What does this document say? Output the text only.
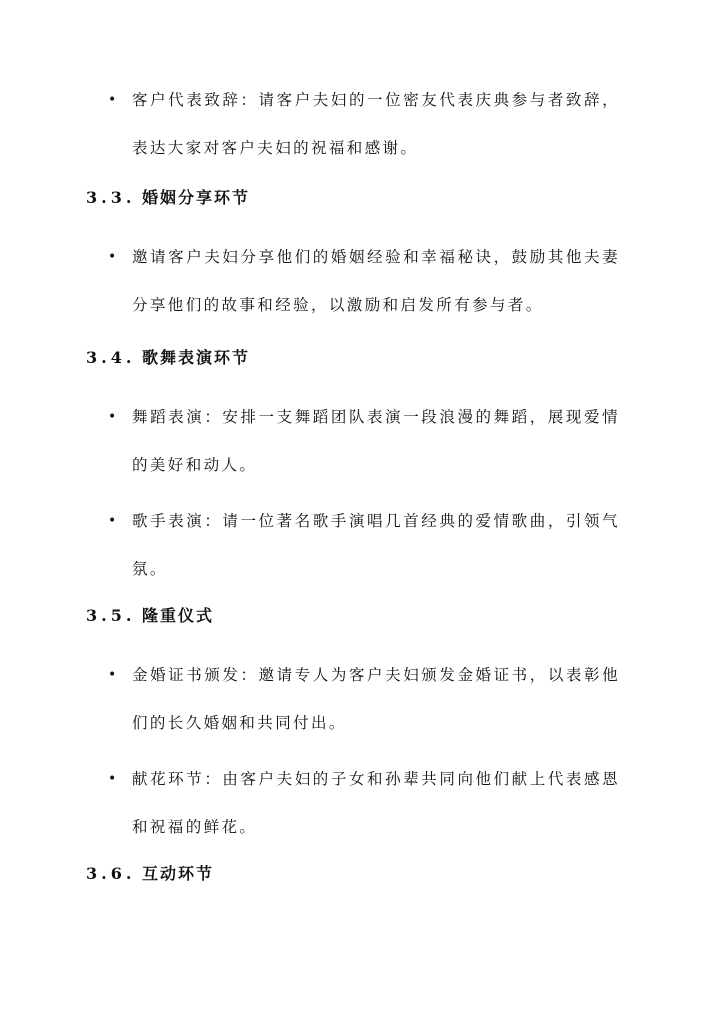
•	客户代表致辞：请客户夫妇的一位密友代表庆典参与者致辞，表达大家对客户夫妇的祝福和感谢。
3.3. 婚姻分享环节
•	邀请客户夫妇分享他们的婚姻经验和幸福秘诀，鼓励其他夫妻分享他们的故事和经验，以激励和启发所有参与者。
3.4. 歌舞表演环节
•	舞蹈表演：安排一支舞蹈团队表演一段浪漫的舞蹈，展现爱情的美好和动人。
•	歌手表演：请一位著名歌手演唱几首经典的爱情歌曲，引领气氛。
3.5. 隆重仪式
•	金婚证书颁发：邀请专人为客户夫妇颁发金婚证书，以表彰他们的长久婚姻和共同付出。
•	献花环节：由客户夫妇的子女和孙辈共同向他们献上代表感恩和祝福的鲜花。
3.6. 互动环节
